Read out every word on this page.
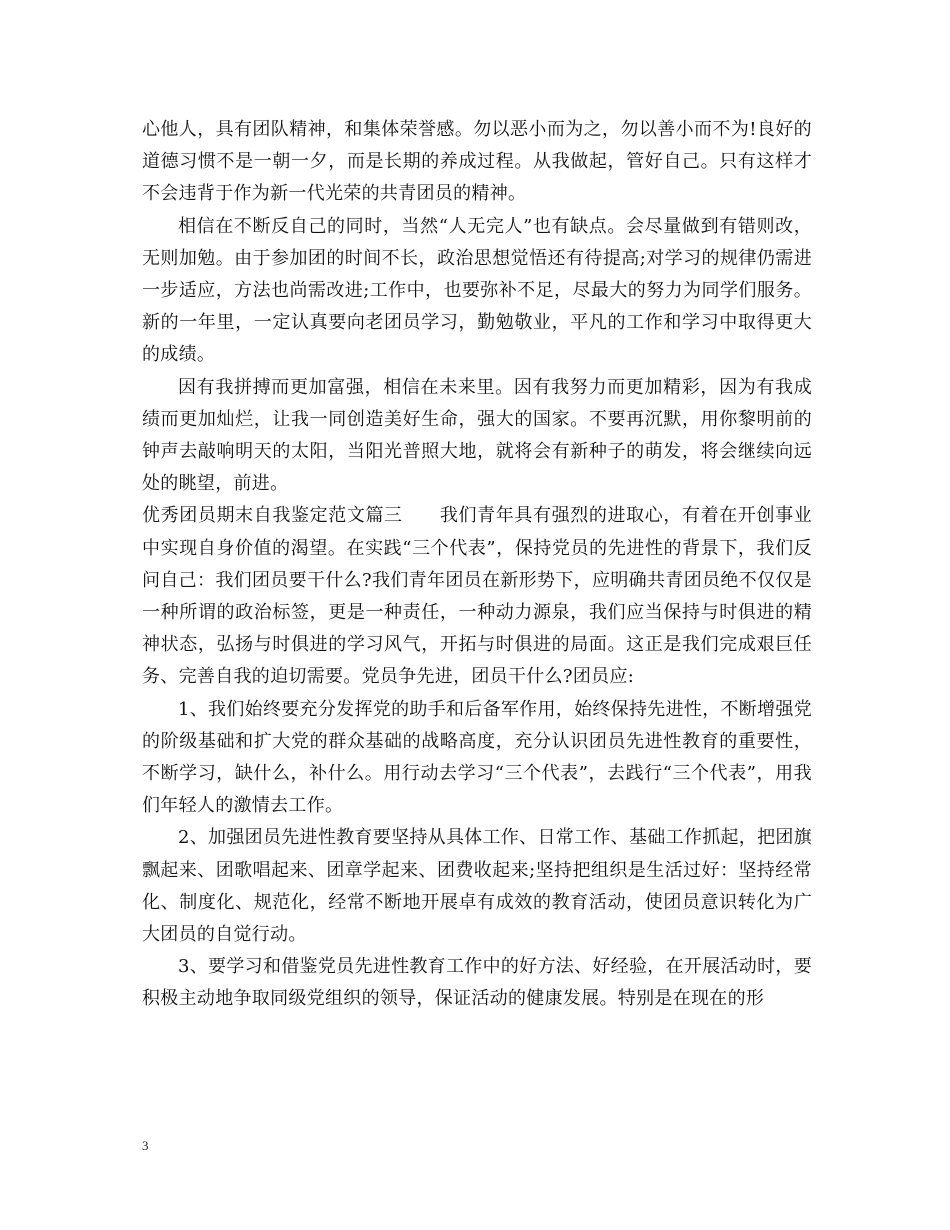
心他人，具有团队精神，和集体荣誉感。勿以恶小而为之，勿以善小而不为!良好的道德习惯不是一朝一夕，而是长期的养成过程。从我做起，管好自己。只有这样才不会违背于作为新一代光荣的共青团员的精神。

相信在不断反自己的同时，当然“人无完人”也有缺点。会尽量做到有错则改，无则加勉。由于参加团的时间不长，政治思想觉悟还有待提高;对学习的规律仍需进一步适应，方法也尚需改进;工作中，也要弥补不足，尽最大的努力为同学们服务。新的一年里，一定认真要向老团员学习，勤勉敬业，平凡的工作和学习中取得更大的成绩。

因有我拼搏而更加富强，相信在未来里。因有我努力而更加精彩，因为有我成绩而更加灿烂，让我一同创造美好生命，强大的国家。不要再沉默，用你黎明前的钟声去敲响明天的太阳，当阳光普照大地，就将会有新种子的萌发，将会继续向远处的眺望，前进。

优秀团员期末自我鉴定范文篇三　　我们青年具有强烈的进取心，有着在开创事业中实现自身价值的渴望。在实践“三个代表”，保持党员的先进性的背景下，我们反问自己：我们团员要干什么?我们青年团员在新形势下，应明确共青团员绝不仅仅是一种所谓的政治标签，更是一种责任，一种动力源泉，我们应当保持与时俱进的精神状态，弘扬与时俱进的学习风气，开拓与时俱进的局面。这正是我们完成艰巨任务、完善自我的迫切需要。党员争先进，团员干什么?团员应:

1、我们始终要充分发挥党的助手和后备军作用，始终保持先进性，不断增强党的阶级基础和扩大党的群众基础的战略高度，充分认识团员先进性教育的重要性，不断学习，缺什么，补什么。用行动去学习“三个代表”，去践行“三个代表”，用我们年轻人的激情去工作。

2、加强团员先进性教育要坚持从具体工作、日常工作、基础工作抓起，把团旗飘起来、团歌唱起来、团章学起来、团费收起来;坚持把组织是生活过好：坚持经常化、制度化、规范化，经常不断地开展卓有成效的教育活动，使团员意识转化为广大团员的自觉行动。

3、要学习和借鉴党员先进性教育工作中的好方法、好经验，在开展活动时，要积极主动地争取同级党组织的领导，保证活动的健康发展。特别是在现在的形

3
